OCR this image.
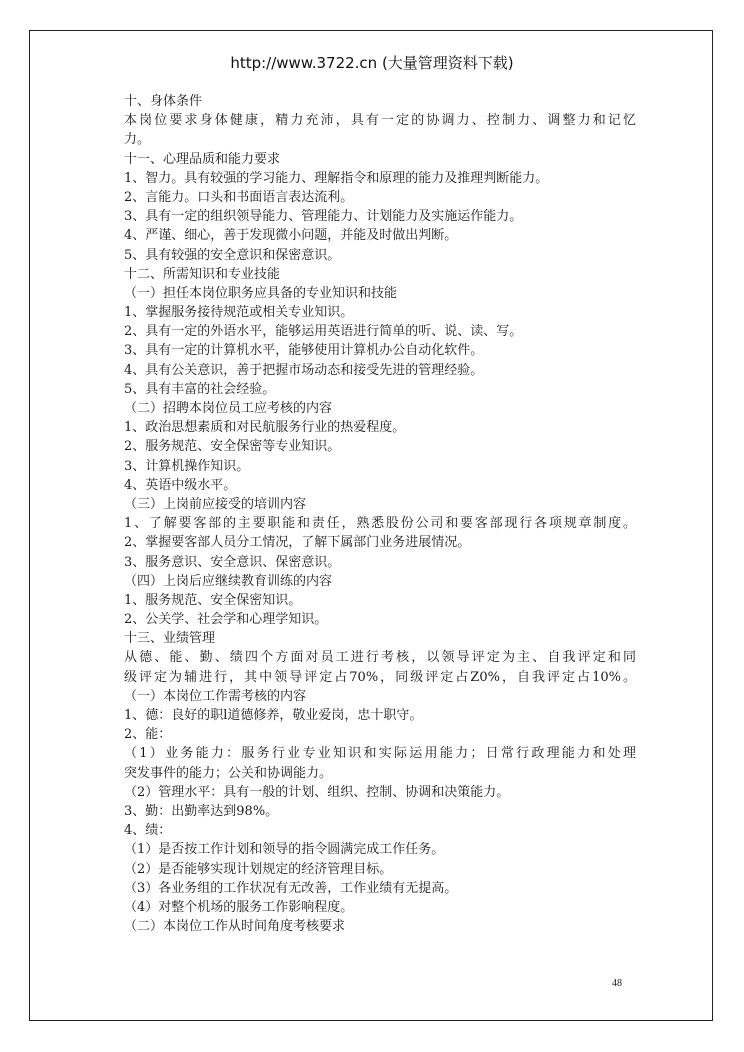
http://www.3722.cn (大量管理资料下载)
十、身体条件
本岗位要求身体健康，精力充沛，具有一定的协调力、控制力、调整力和记忆
力。
十一、心理品质和能力要求
1、智力。具有较强的学习能力、理解指令和原理的能力及推理判断能力。
2、言能力。口头和书面语言表达流利。
3、具有一定的组织领导能力、管理能力、计划能力及实施运作能力。
4、严谨、细心，善于发现微小问题，并能及时做出判断。
5、具有较强的安全意识和保密意识。
十二、所需知识和专业技能
（一）担任本岗位职务应具备的专业知识和技能
1、掌握服务接待规范或相关专业知识。
2、具有一定的外语水平，能够运用英语进行简单的听、说、读、写。
3、具有一定的计算机水平，能够使用计算机办公自动化软件。
4、具有公关意识，善于把握市场动态和接受先进的管理经验。
5、具有丰富的社会经验。
（二）招聘本岗位员工应考核的内容
1、政治思想素质和对民航服务行业的热爱程度。
2、服务规范、安全保密等专业知识。
3、计算机操作知识。
4、英语中级水平。
（三）上岗前应接受的培训内容
1、了解要客部的主要职能和责任，熟悉股份公司和要客部现行各项规章制度。
2、掌握要客部人员分工情况，了解下属部门业务进展情况。
3、服务意识、安全意识、保密意识。
（四）上岗后应继续教育训练的内容
1、服务规范、安全保密知识。
2、公关学、社会学和心理学知识。
十三、业绩管理
从德、能、勤、绩四个方面对员工进行考核，以领导评定为主、自我评定和同
级评定为辅进行，其中领导评定占70%，同级评定占Z0%，自我评定占10%。
（一）本岗位工作需考核的内容
1、德：良好的职l道德修养，敬业爱岗，忠十职守。
2、能：
（1）业务能力：服务行业专业知识和实际运用能力；日常行政理能力和处理
突发事件的能力；公关和协调能力。
（2）管理水平：具有一般的计划、组织、控制、协调和决策能力。
3、勤：出勤率达到98%。
4、绩：
（1）是否按工作计划和领导的指令圆满完成工作任务。
（2）是否能够实现计划规定的经济管理目标。
（3）各业务组的工作状况有无改善，工作业绩有无提高。
（4）对整个机场的服务工作影响程度。
（二）本岗位工作从时间角度考核要求
48
